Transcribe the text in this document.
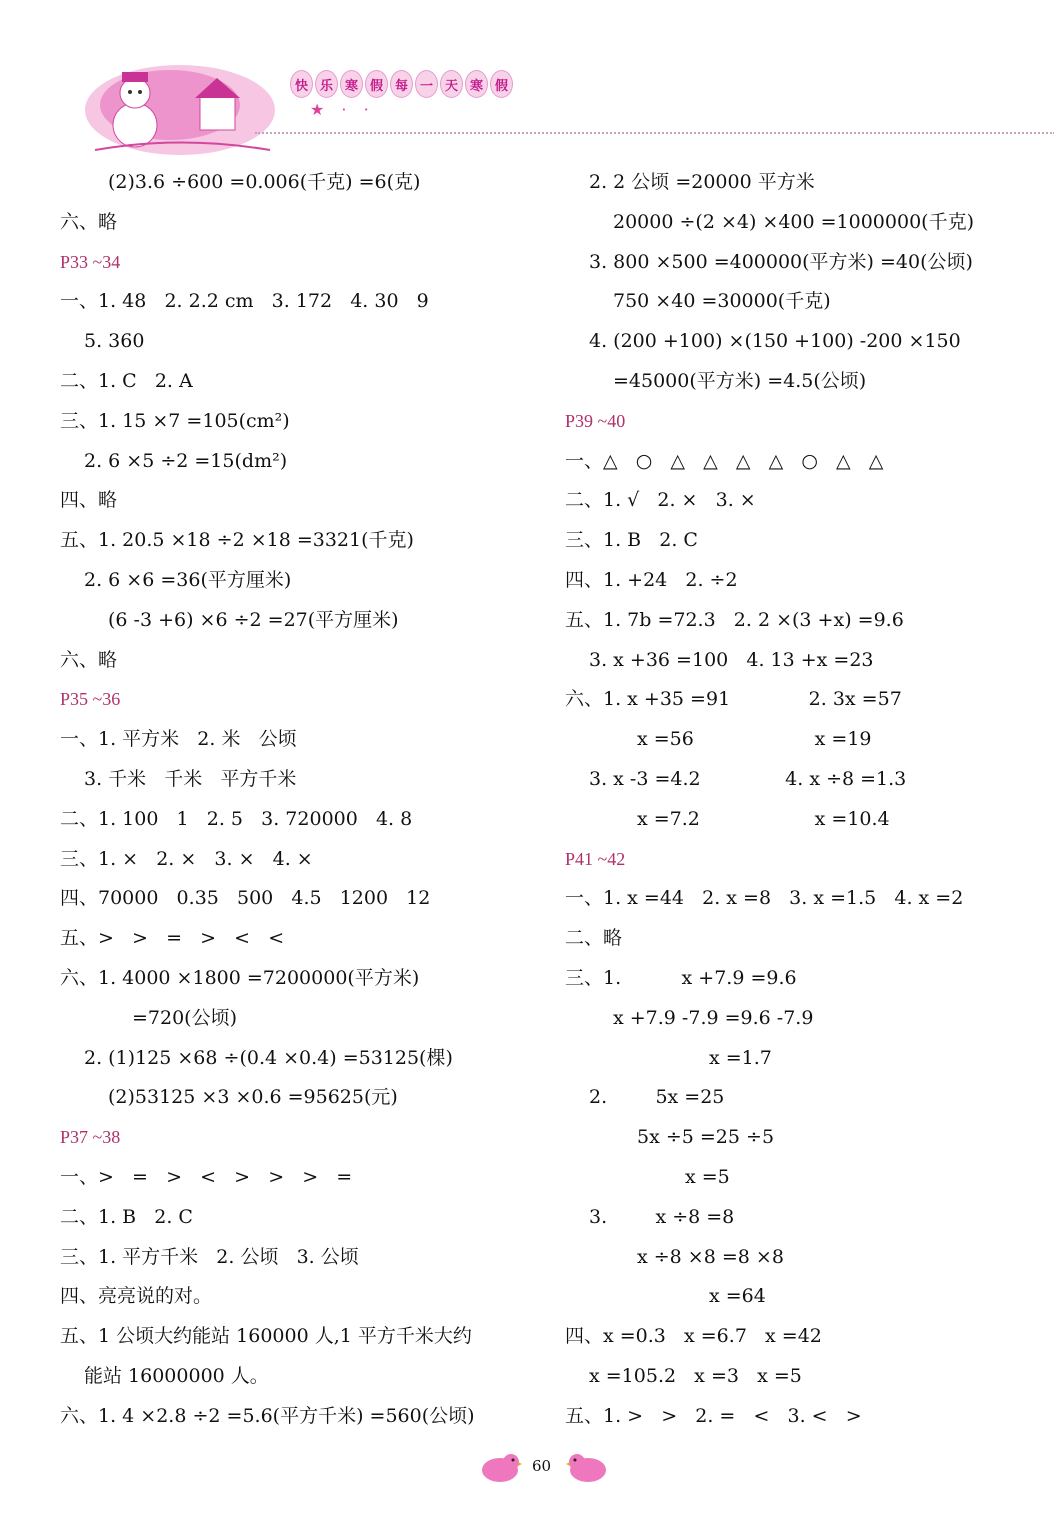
快 乐 寒 假 每 一 天 寒 假
★ · ·
(2)3.6 ÷600 =0.006(千克) =6(克)
六、略
P33 ~34
一、1. 48   2. 2.2 cm   3. 172   4. 30   9
5. 360
二、1. C   2. A
三、1. 15 ×7 =105(cm²)
2. 6 ×5 ÷2 =15(dm²)
四、略
五、1. 20.5 ×18 ÷2 ×18 =3321(千克)
2. 6 ×6 =36(平方厘米)
(6 -3 +6) ×6 ÷2 =27(平方厘米)
六、略
P35 ~36
一、1. 平方米   2. 米   公顷
3. 千米   千米   平方千米
二、1. 100   1   2. 5   3. 720000   4. 8
三、1. ×   2. ×   3. ×   4. ×
四、70000   0.35   500   4.5   1200   12
五、>   >   =   >   <   <
六、1. 4000 ×1800 =7200000(平方米)
=720(公顷)
2. (1)125 ×68 ÷(0.4 ×0.4) =53125(棵)
(2)53125 ×3 ×0.6 =95625(元)
P37 ~38
一、>   =   >   <   >   >   >   =
二、1. B   2. C
三、1. 平方千米   2. 公顷   3. 公顷
四、亮亮说的对。
五、1 公顷大约能站 160000 人,1 平方千米大约
能站 16000000 人。
六、1. 4 ×2.8 ÷2 =5.6(平方千米) =560(公顷)
2. 2 公顷 =20000 平方米
20000 ÷(2 ×4) ×400 =1000000(千克)
3. 800 ×500 =400000(平方米) =40(公顷)
750 ×40 =30000(千克)
4. (200 +100) ×(150 +100) -200 ×150
=45000(平方米) =4.5(公顷)
P39 ~40
一、△   ○   △   △   △   △   ○   △   △
二、1. √   2. ×   3. ×
三、1. B   2. C
四、1. +24   2. ÷2
五、1. 7b =72.3   2. 2 ×(3 +x) =9.6
3. x +36 =100   4. 13 +x =23
六、1. x +35 =91             2. 3x =57
x =56                    x =19
3. x -3 =4.2              4. x ÷8 =1.3
x =7.2                   x =10.4
P41 ~42
一、1. x =44   2. x =8   3. x =1.5   4. x =2
二、略
三、1.          x +7.9 =9.6
x +7.9 -7.9 =9.6 -7.9
x =1.7
2.        5x =25
5x ÷5 =25 ÷5
x =5
3.        x ÷8 =8
x ÷8 ×8 =8 ×8
x =64
四、x =0.3   x =6.7   x =42
x =105.2   x =3   x =5
五、1. >   >   2. =   <   3. <   >
60
